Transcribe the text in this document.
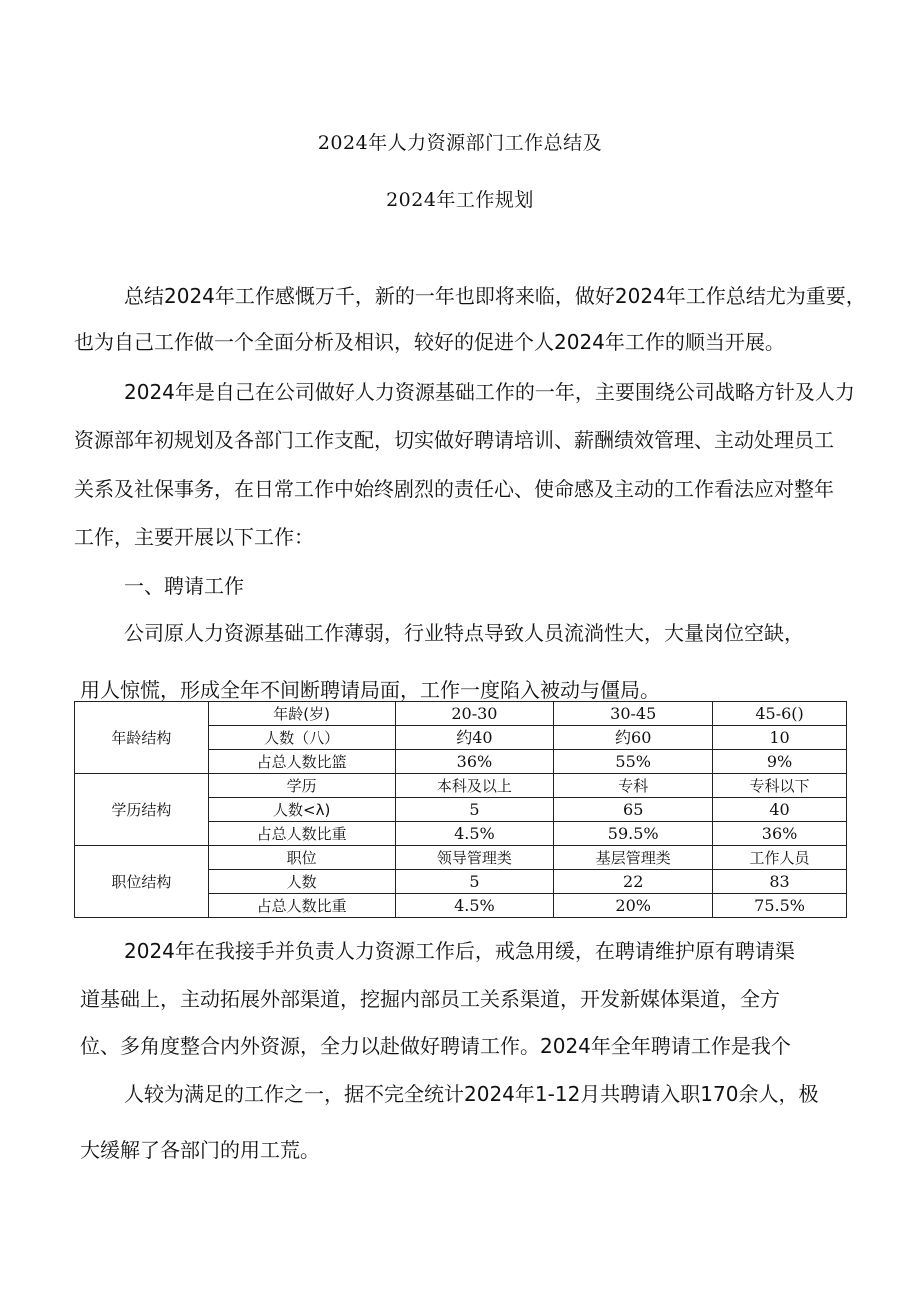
2024年人力资源部门工作总结及
2024年工作规划
总结2024年工作感慨万千，新的一年也即将来临，做好2024年工作总结尤为重要，
也为自己工作做一个全面分析及相识，较好的促进个人2024年工作的顺当开展。
2024年是自己在公司做好人力资源基础工作的一年，主要围绕公司战略方针及人力
资源部年初规划及各部门工作支配，切实做好聘请培训、薪酬绩效管理、主动处理员工
关系及社保事务，在日常工作中始终剧烈的责任心、使命感及主动的工作看法应对整年
工作，主要开展以下工作：
一、聘请工作
公司原人力资源基础工作薄弱，行业特点导致人员流淌性大，大量岗位空缺，
用人惊慌，形成全年不间断聘请局面，工作一度陷入被动与僵局。
年龄结构	年龄(岁)	20-30	30-45	45-6()
	人数（八）	约40	约60	10
	占总人数比篮	36%	55%	9%
学历结构	学历	本科及以上	专科	专科以下
	人数<λ)	5	65	40
	占总人数比重	4.5%	59.5%	36%
职位结构	职位	领导管理类	基层管理类	工作人员
	人数	5	22	83
	占总人数比重	4.5%	20%	75.5%
2024年在我接手并负责人力资源工作后，戒急用缓，在聘请维护原有聘请渠
道基础上，主动拓展外部渠道，挖掘内部员工关系渠道，开发新媒体渠道，全方
位、多角度整合内外资源，全力以赴做好聘请工作。2024年全年聘请工作是我个
人较为满足的工作之一，据不完全统计2024年1-12月共聘请入职170余人，极
大缓解了各部门的用工荒。
